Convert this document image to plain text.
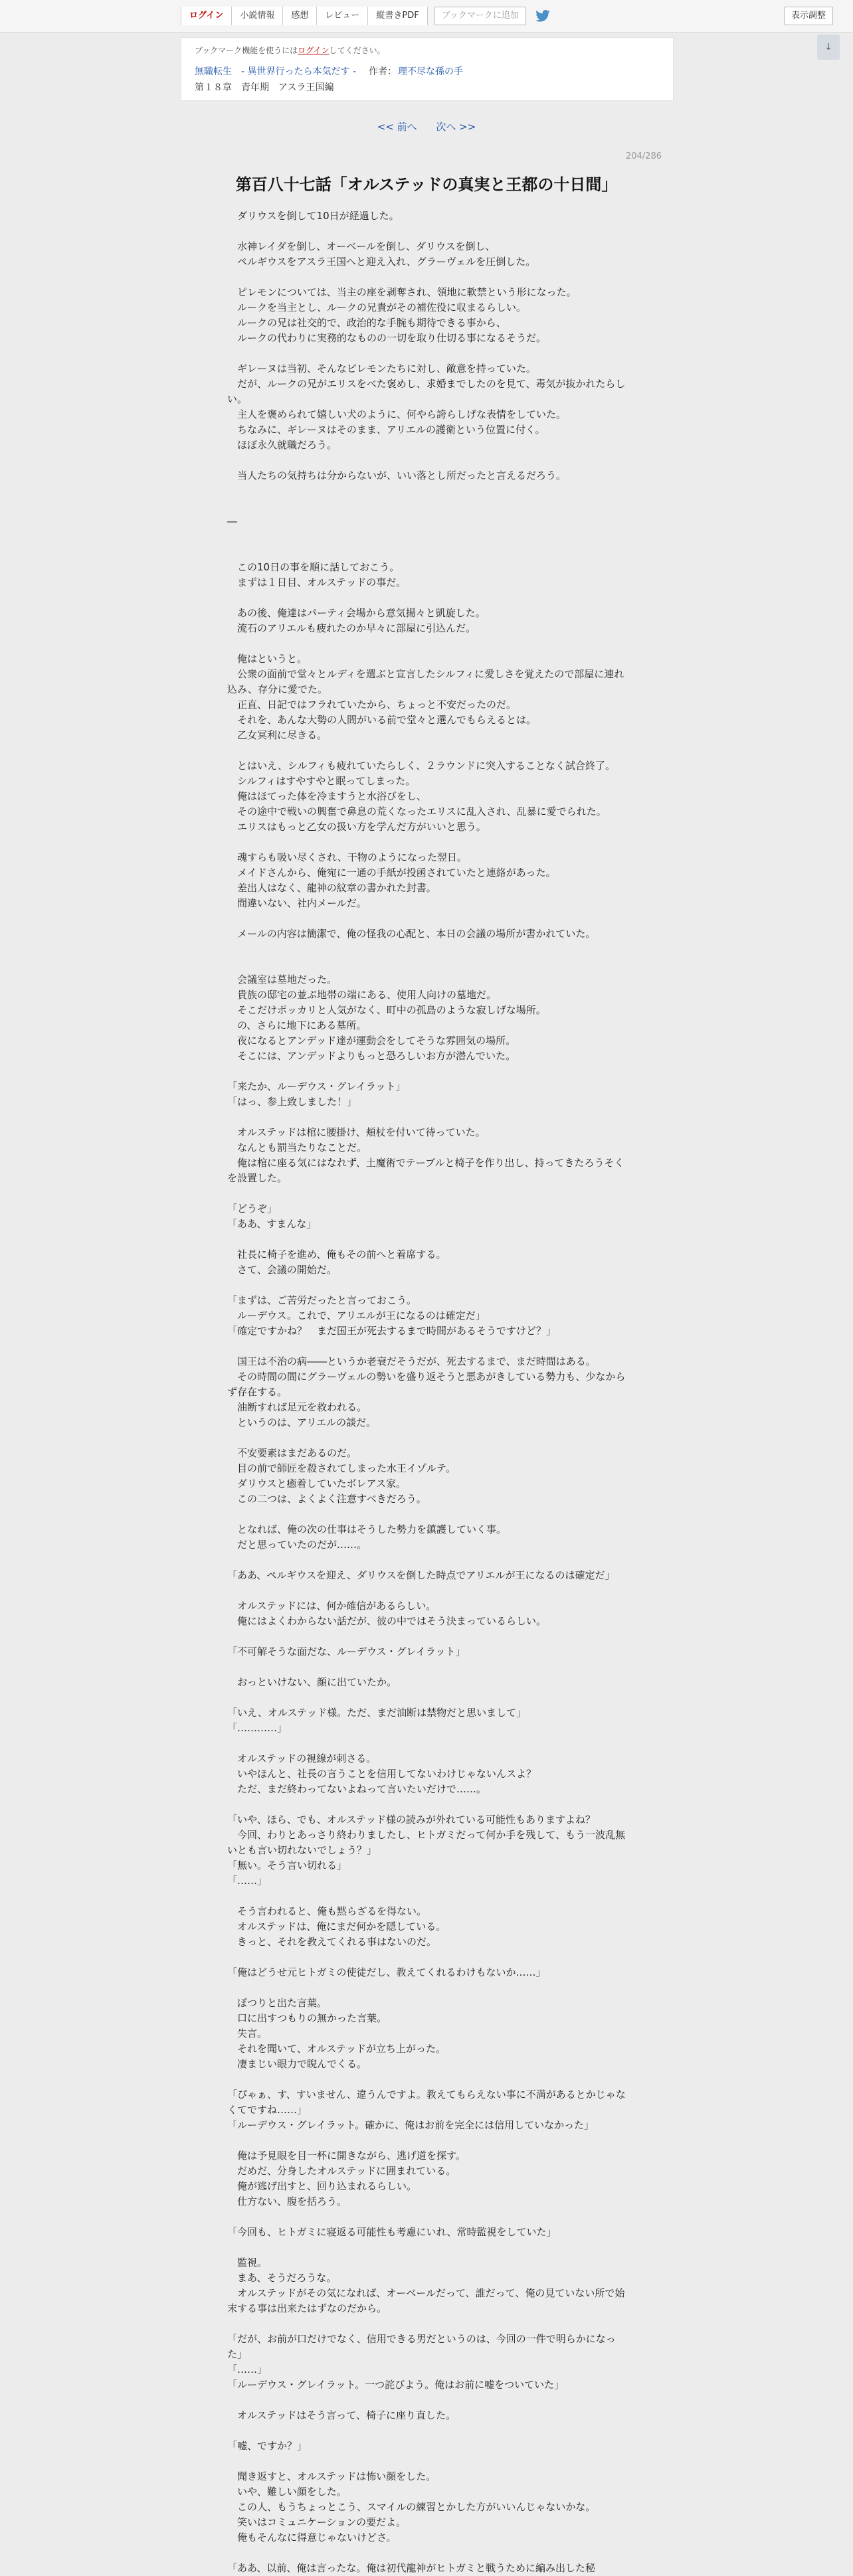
ログイン	小説情報	感想	レビュー	縦書きPDF	ブックマークに追加	表示調整
↓
ブックマーク機能を使うにはログインしてください。
無職転生　- 異世界行ったら本気だす - 作者： 理不尽な孫の手
第１８章　青年期　アスラ王国編
<< 前へ 次へ >>
204/286
第百八十七話「オルステッドの真実と王都の十日間」

　ダリウスを倒して10日が経過した。

　水神レイダを倒し、オーベールを倒し、ダリウスを倒し、

　ペルギウスをアスラ王国へと迎え入れ、グラーヴェルを圧倒した。

　ピレモンについては、当主の座を剥奪され、領地に軟禁という形になった。

　ルークを当主とし、ルークの兄貴がその補佐役に収まるらしい。

　ルークの兄は社交的で、政治的な手腕も期待できる事から、

　ルークの代わりに実務的なものの一切を取り仕切る事になるそうだ。

　ギレーヌは当初、そんなピレモンたちに対し、敵意を持っていた。

　だが、ルークの兄がエリスをべた褒めし、求婚までしたのを見て、毒気が抜かれたらしい。

　主人を褒められて嬉しい犬のように、何やら誇らしげな表情をしていた。

　ちなみに、ギレーヌはそのまま、アリエルの護衛という位置に付く。

　ほぼ永久就職だろう。

　当人たちの気持ちは分からないが、いい落とし所だったと言えるだろう。

―

　この10日の事を順に話しておこう。

　まずは１日目、オルステッドの事だ。

　あの後、俺達はパーティ会場から意気揚々と凱旋した。

　流石のアリエルも疲れたのか早々に部屋に引込んだ。

　俺はというと。

　公衆の面前で堂々とルディを選ぶと宣言したシルフィに愛しさを覚えたので部屋に連れ込み、存分に愛でた。

　正直、日記ではフラれていたから、ちょっと不安だったのだ。

　それを、あんな大勢の人間がいる前で堂々と選んでもらえるとは。

　乙女冥利に尽きる。

　とはいえ、シルフィも疲れていたらしく、２ラウンドに突入することなく試合終了。

　シルフィはすやすやと眠ってしまった。

　俺はほてった体を冷ますうと水浴びをし、

　その途中で戦いの興奮で鼻息の荒くなったエリスに乱入され、乱暴に愛でられた。

　エリスはもっと乙女の扱い方を学んだ方がいいと思う。

　魂すらも吸い尽くされ、干物のようになった翌日。

　メイドさんから、俺宛に一通の手紙が投函されていたと連絡があった。

　差出人はなく、龍神の紋章の書かれた封書。

　間違いない、社内メールだ。

　メールの内容は簡潔で、俺の怪我の心配と、本日の会議の場所が書かれていた。

　会議室は墓地だった。

　貴族の邸宅の並ぶ地帯の端にある、使用人向けの墓地だ。

　そこだけポッカリと人気がなく、町中の孤島のような寂しげな場所。

　の、さらに地下にある墓所。

　夜になるとアンデッド達が運動会をしてそうな雰囲気の場所。

　そこには、アンデッドよりもっと恐ろしいお方が潜んでいた。

「来たか、ルーデウス・グレイラット」

「はっ、参上致しました！」

　オルステッドは棺に腰掛け、頬杖を付いて待っていた。

　なんとも罰当たりなことだ。

　俺は棺に座る気にはなれず、土魔術でテーブルと椅子を作り出し、持ってきたろうそくを設置した。

「どうぞ」

「ああ、すまんな」

　社長に椅子を進め、俺もその前へと着席する。

　さて、会議の開始だ。

「まずは、ご苦労だったと言っておこう。

　ルーデウス。これで、アリエルが王になるのは確定だ」

「確定ですかね？　まだ国王が死去するまで時間があるそうですけど？」

　国王は不治の病――というか老衰だそうだが、死去するまで、まだ時間はある。

　その時間の間にグラーヴェルの勢いを盛り返そうと悪あがきしている勢力も、少なからず存在する。

　油断すれば足元を救われる。

　というのは、アリエルの談だ。

　不安要素はまだあるのだ。

　目の前で師匠を殺されてしまった水王イゾルテ。

　ダリウスと癒着していたボレアス家。

　この二つは、よくよく注意すべきだろう。

　となれば、俺の次の仕事はそうした勢力を鎮護していく事。

　だと思っていたのだが……。

「ああ、ペルギウスを迎え、ダリウスを倒した時点でアリエルが王になるのは確定だ」

　オルステッドには、何か確信があるらしい。

　俺にはよくわからない話だが、彼の中ではそう決まっているらしい。

「不可解そうな面だな、ルーデウス・グレイラット」

　おっといけない、顔に出ていたか。

「いえ、オルステッド様。ただ、まだ油断は禁物だと思いまして」

「…………」

　オルステッドの視線が刺さる。

　いやほんと、社長の言うことを信用してないわけじゃないんスよ？

　ただ、まだ終わってないよねって言いたいだけで……。

「いや、ほら、でも、オルステッド様の読みが外れている可能性もありますよね？

　今回、わりとあっさり終わりましたし、ヒトガミだって何か手を残して、もう一波乱無いとも言い切れないでしょう？」

「無い。そう言い切れる」

「……」

　そう言われると、俺も黙らざるを得ない。

　オルステッドは、俺にまだ何かを隠している。

　きっと、それを教えてくれる事はないのだ。

「俺はどうせ元ヒトガミの使徒だし、教えてくれるわけもないか……」

　ぽつりと出た言葉。

　口に出すつもりの無かった言葉。

　失言。

　それを聞いて、オルステッドが立ち上がった。

　凄まじい眼力で睨んでくる。

「ぴゃぁ、す、すいません、違うんですよ。教えてもらえない事に不満があるとかじゃなくてですね……」

「ルーデウス・グレイラット。確かに、俺はお前を完全には信用していなかった」

　俺は予見眼を目一杯に開きながら、逃げ道を探す。

　だめだ、分身したオルステッドに囲まれている。

　俺が逃げ出すと、回り込まれるらしい。

　仕方ない、腹を括ろう。

「今回も、ヒトガミに寝返る可能性も考慮にいれ、常時監視をしていた」

　監視。

　まあ、そうだろうな。

　オルステッドがその気になれば、オーベールだって、誰だって、俺の見ていない所で始末する事は出来たはずなのだから。

「だが、お前が口だけでなく、信用できる男だというのは、今回の一件で明らかになった」

「……」

「ルーデウス・グレイラット。一つ詫びよう。俺はお前に嘘をついていた」

　オルステッドはそう言って、椅子に座り直した。

「嘘、ですか？」

　聞き返すと、オルステッドは怖い顔をした。

　いや、難しい顔をした。

　この人、もうちょっとこう、スマイルの練習とかした方がいいんじゃないかな。

　笑いはコミュニケーションの要だよ。

　俺もそんなに得意じゃないけどさ。

「ああ、以前、俺は言ったな。俺は初代龍神がヒトガミと戦うために編み出した秘
